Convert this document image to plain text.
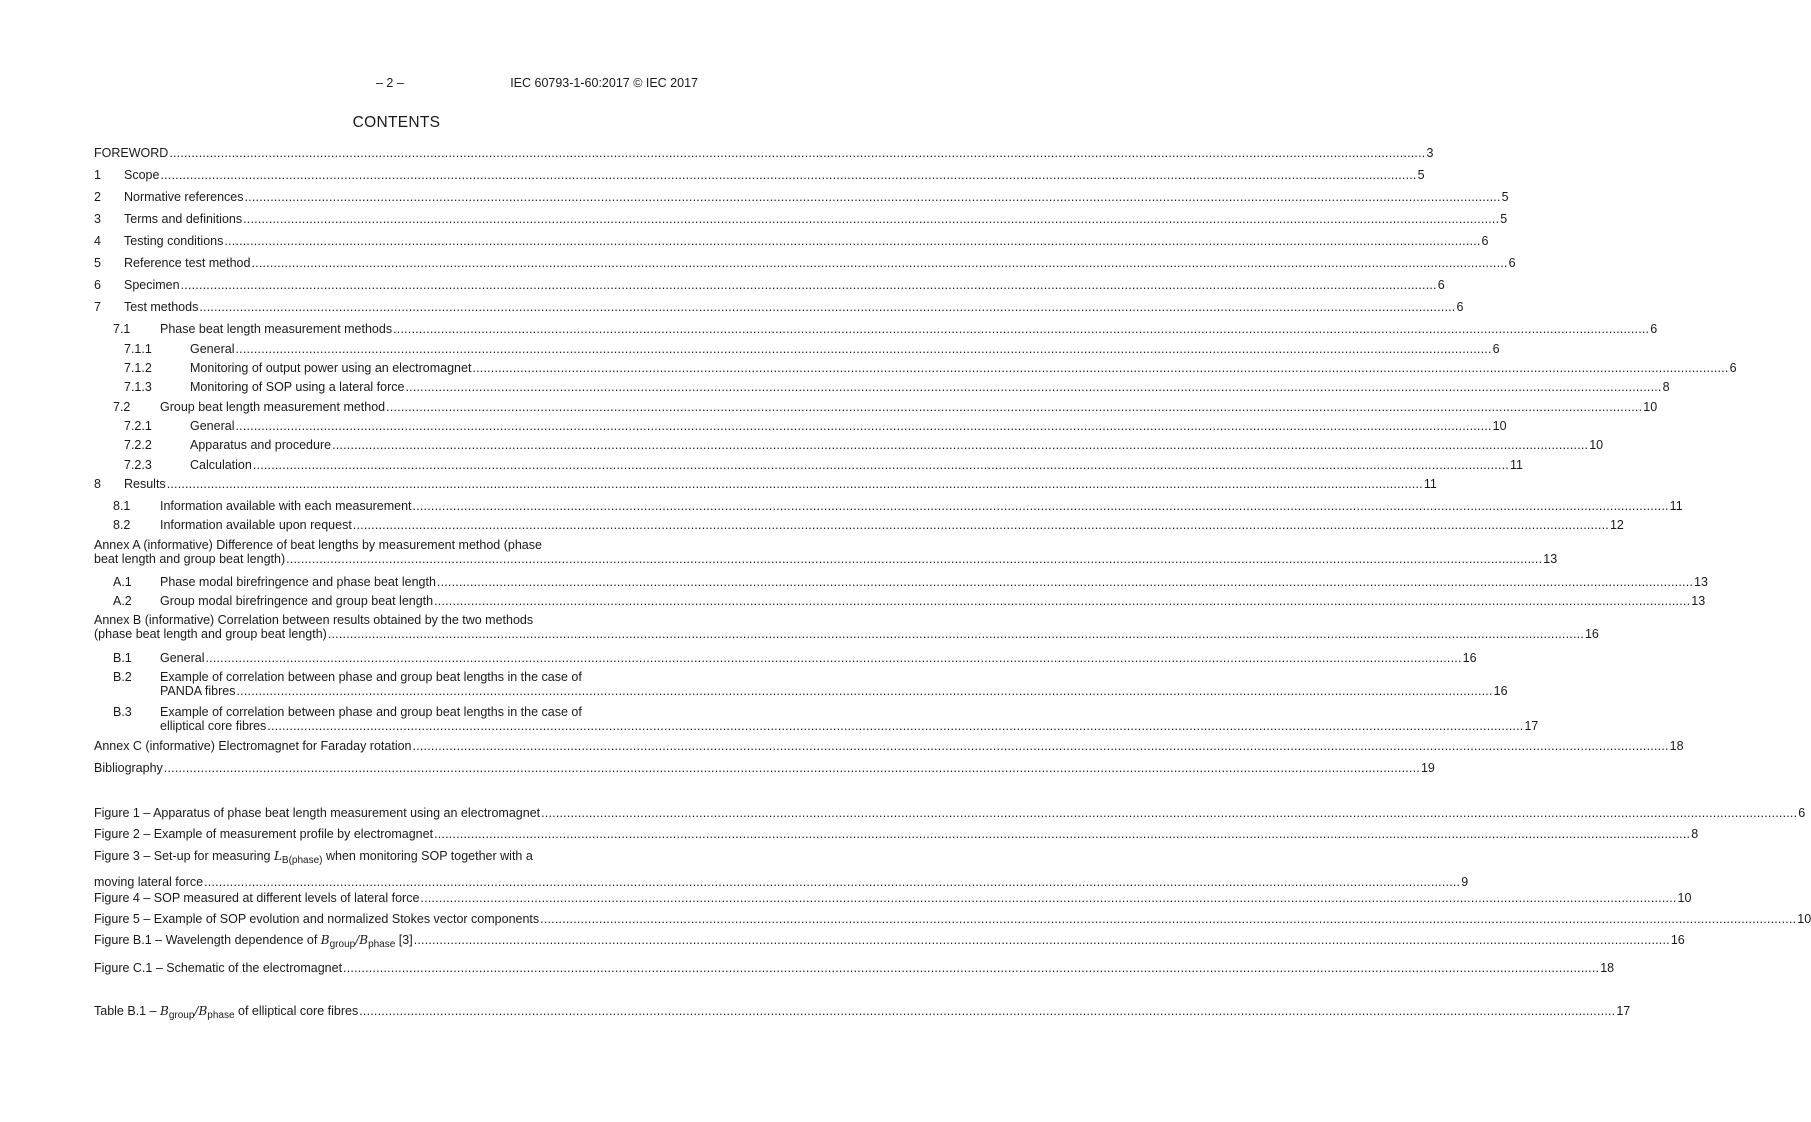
– 2 –	IEC 60793-1-60:2017 © IEC 2017
CONTENTS
FOREWORD .....	3
1	Scope .....	5
2	Normative references .....	5
3	Terms and definitions .....	5
4	Testing conditions .....	6
5	Reference test method .....	6
6	Specimen .....	6
7	Test methods .....	6
7.1	Phase beat length measurement methods .....	6
7.1.1	General .....	6
7.1.2	Monitoring of output power using an electromagnet .....	6
7.1.3	Monitoring of SOP using a lateral force .....	8
7.2	Group beat length measurement method .....	10
7.2.1	General .....	10
7.2.2	Apparatus and procedure .....	10
7.2.3	Calculation .....	11
8	Results .....	11
8.1	Information available with each measurement .....	11
8.2	Information available upon request .....	12
Annex A (informative) Difference of beat lengths by measurement method (phase
beat length and group beat length) .....	13
A.1	Phase modal birefringence and phase beat length .....	13
A.2	Group modal birefringence and group beat length .....	13
Annex B (informative) Correlation between results obtained by the two methods
(phase beat length and group beat length) .....	16
B.1	General .....	16
B.2	Example of correlation between phase and group beat lengths in the case of
PANDA fibres .....	16
B.3	Example of correlation between phase and group beat lengths in the case of
elliptical core fibres .....	17
Annex C (informative) Electromagnet for Faraday rotation .....	18
Bibliography .....	19
Figure 1 – Apparatus of phase beat length measurement using an electromagnet .....	6
Figure 2 – Example of measurement profile by electromagnet .....	8
Figure 3 – Set-up for measuring $L_{B(phase)}$ when monitoring SOP together with a
moving lateral force .....	9
Figure 4 – SOP measured at different levels of lateral force .....	10
Figure 5 – Example of SOP evolution and normalized Stokes vector components .....	10
Figure B.1 – Wavelength dependence of $B_{group}/B_{phase}$ [3] .....	16
Figure C.1 – Schematic of the electromagnet .....	18
Table $B.1 - B_{group}/B_{phase}$ of elliptical core fibres .....	17
